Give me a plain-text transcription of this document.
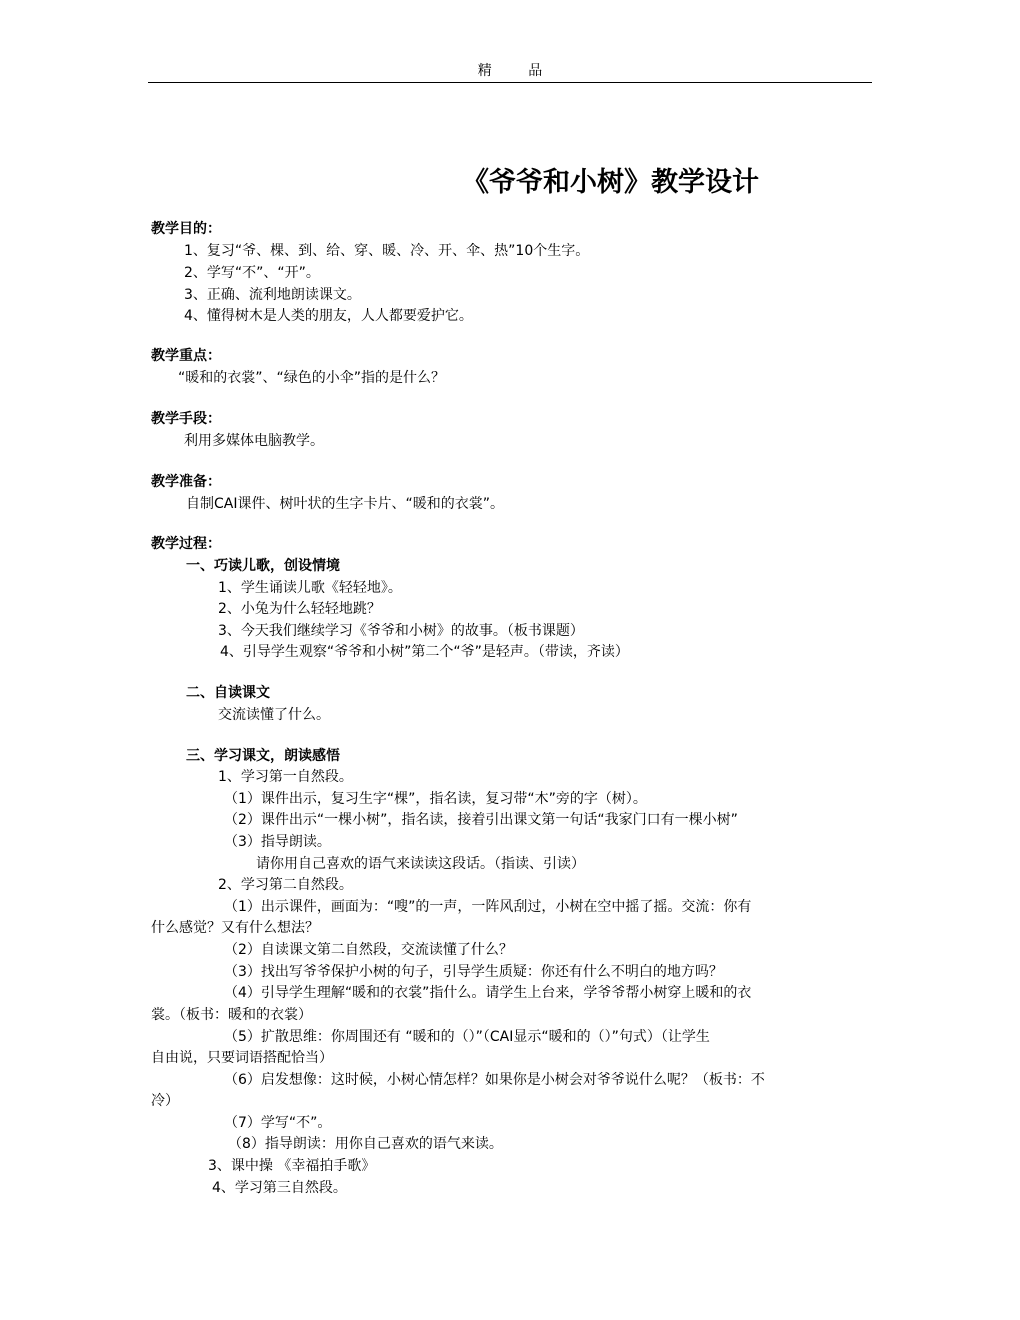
精 品
《爷爷和小树》教学设计
教学目的：
1、复习“爷、棵、到、给、穿、暖、冷、开、伞、热”10个生字。
2、学写“不”、“开”。
3、正确、流利地朗读课文。
4、懂得树木是人类的朋友，人人都要爱护它。
教学重点：
“暖和的衣裳”、“绿色的小伞”指的是什么？
教学手段：
利用多媒体电脑教学。
教学准备：
自制CAI课件、树叶状的生字卡片、“暖和的衣裳”。
教学过程：
一、巧读儿歌，创设情境
1、学生诵读儿歌《轻轻地》。
2、小兔为什么轻轻地跳？
3、今天我们继续学习《爷爷和小树》的故事。（板书课题）
4、引导学生观察“爷爷和小树”第二个“爷”是轻声。（带读，齐读）
二、自读课文
交流读懂了什么。
三、学习课文，朗读感悟
1、学习第一自然段。
（1）课件出示，复习生字“棵”，指名读，复习带“木”旁的字（树）。
（2）课件出示“一棵小树”，指名读，接着引出课文第一句话“我家门口有一棵小树”
（3）指导朗读。
请你用自己喜欢的语气来读读这段话。（指读、引读）
2、学习第二自然段。
（1）出示课件，画面为：“嗖”的一声，一阵风刮过，小树在空中摇了摇。交流：你有
什么感觉？又有什么想法？
（2）自读课文第二自然段，交流读懂了什么？
（3）找出写爷爷保护小树的句子，引导学生质疑：你还有什么不明白的地方吗？
（4）引导学生理解“暖和的衣裳”指什么。请学生上台来，学爷爷帮小树穿上暖和的衣
裳。（板书：暖和的衣裳）
（5）扩散思维：你周围还有 “暖和的（）”（CAI显示“暖和的（）”句式）（让学生
自由说，只要词语搭配恰当）
（6）启发想像：这时候，小树心情怎样？如果你是小树会对爷爷说什么呢？（板书：不
冷）
（7）学写“不”。
（8）指导朗读：用你自己喜欢的语气来读。
3、课中操 《幸福拍手歌》
4、学习第三自然段。
